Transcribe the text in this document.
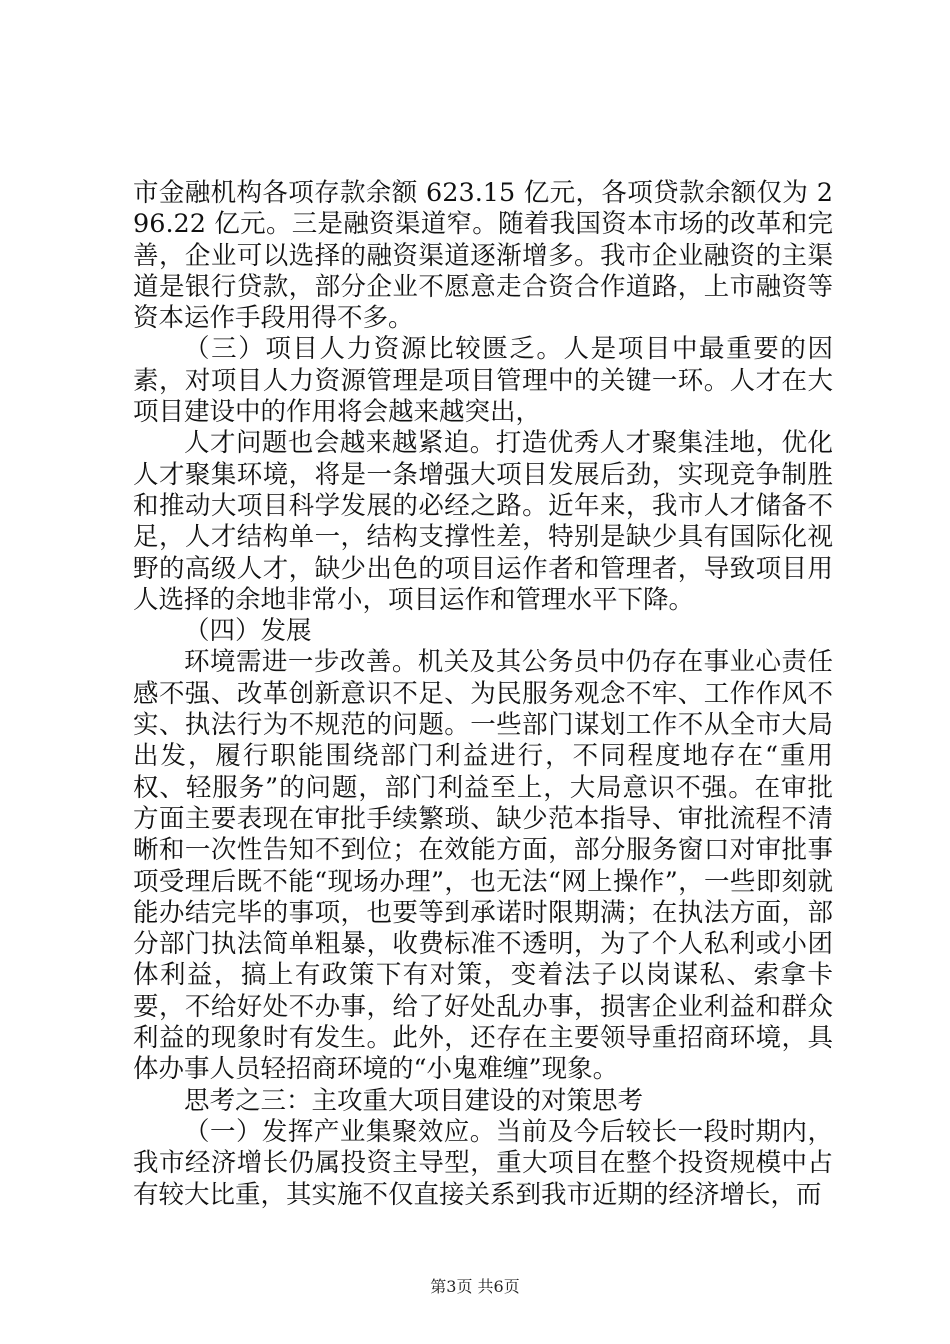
市金融机构各项存款余额 623.15 亿元，各项贷款余额仅为 296.22 亿元。三是融资渠道窄。随着我国资本市场的改革和完善，企业可以选择的融资渠道逐渐增多。我市企业融资的主渠道是银行贷款，部分企业不愿意走合资合作道路，上市融资等资本运作手段用得不多。

（三）项目人力资源比较匮乏。人是项目中最重要的因素，对项目人力资源管理是项目管理中的关键一环。人才在大项目建设中的作用将会越来越突出，

人才问题也会越来越紧迫。打造优秀人才聚集洼地，优化人才聚集环境，将是一条增强大项目发展后劲，实现竞争制胜和推动大项目科学发展的必经之路。近年来，我市人才储备不足，人才结构单一，结构支撑性差，特别是缺少具有国际化视野的高级人才，缺少出色的项目运作者和管理者，导致项目用人选择的余地非常小，项目运作和管理水平下降。

（四）发展

环境需进一步改善。机关及其公务员中仍存在事业心责任感不强、改革创新意识不足、为民服务观念不牢、工作作风不实、执法行为不规范的问题。一些部门谋划工作不从全市大局出发，履行职能围绕部门利益进行，不同程度地存在“重用权、轻服务”的问题，部门利益至上，大局意识不强。在审批方面主要表现在审批手续繁琐、缺少范本指导、审批流程不清晰和一次性告知不到位；在效能方面，部分服务窗口对审批事项受理后既不能“现场办理”，也无法“网上操作”，一些即刻就能办结完毕的事项，也要等到承诺时限期满；在执法方面，部分部门执法简单粗暴，收费标准不透明，为了个人私利或小团体利益，搞上有政策下有对策，变着法子以岗谋私、索拿卡要，不给好处不办事，给了好处乱办事，损害企业利益和群众利益的现象时有发生。此外，还存在主要领导重招商环境，具体办事人员轻招商环境的“小鬼难缠”现象。

思考之三：主攻重大项目建设的对策思考

（一）发挥产业集聚效应。当前及今后较长一段时期内，我市经济增长仍属投资主导型，重大项目在整个投资规模中占有较大比重，其实施不仅直接关系到我市近期的经济增长，而

第3页 共6页
